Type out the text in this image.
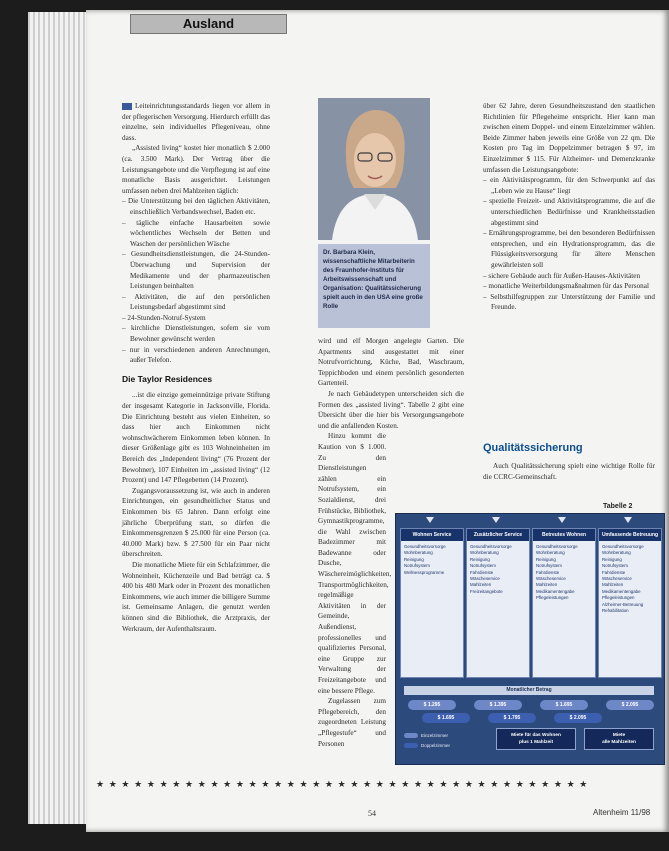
Ausland

Leiteinrichtungsstandards liegen vor allem in der pflegerischen Versorgung. Hierdurch erfüllt das einzelne, sein individuelles Pflegeniveau, ohne dass.

„Assisted living“ kostet hier monatlich $ 2.000 (ca. 3.500 Mark). Der Vertrag über die Leistungsangebote und die Verpflegung ist auf eine monatliche Basis ausgerichtet. Leistungen umfassen neben drei Mahlzeiten täglich:

– Die Unterstützung bei den täglichen Aktivitäten, einschließlich Verbandswechsel, Baden etc.

– tägliche einfache Hausarbeiten sowie wöchentliches Wechseln der Betten und Waschen der persönlichen Wäsche

– Gesundheitsdienstleistungen, die 24-Stunden-Überwachung und Supervision der Medikamente und der pharmazeutischen Leistungen beinhalten

– Aktivitäten, die auf den persönlichen Leistungsbedarf abgestimmt sind

– 24-Stunden-Notruf-System

– kirchliche Dienstleistungen, sofern sie vom Bewohner gewünscht werden

– nur in verschiedenen anderen Anrechnungen, außer Telefon.

Die Taylor Residences

...ist die einzige gemeinnützige private Stiftung der insgesamt Kategorie in Jacksonville, Florida. Die Einrichtung besteht aus vielen Einheiten, so dass hier auch Einkommen nicht wohnschwächerem Einkommen leben können. In dieser Größenlage gibt es 103 Wohneinheiten im Bereich des „Independent living“ (76 Prozent der Bewohner), 107 Einheiten im „assisted living“ (12 Prozent) und 147 Pflegebetten (14 Prozent).

Zugangsvoraussetzung ist, wie auch in anderen Einrichtungen, ein gesundheitlicher Status und Einkommen bis 65 Jahren. Dann erfolgt eine jährliche Überprüfung statt, so dürfen die Einkommensgrenzen $ 25.000 für eine Person (ca. 40.000 Mark) bzw. $ 27.500 für ein Paar nicht überschreiten.

Die monatliche Miete für ein Schlafzimmer, die Wohneinheit, Küchenzeile und Bad beträgt ca. $ 400 bis 480 Mark oder in Prozent des monatlichen Einkommens, wie auch immer die billigere Summe ist. Gemeinsame Anlagen, die genutzt werden können sind die Bibliothek, die Arztpraxis, der Werkraum, der Aufenthaltsraum.

Dr. Barbara Klein, wissenschaftliche Mitarbeiterin des Fraunhofer-Instituts für Arbeitswissenschaft und Organisation: Qualitätssicherung spielt auch in den USA eine große Rolle

wird und elf Morgen angelegte Garten. Die Apartments sind ausgestattet mit einer Notrufvorrichtung, Küche, Bad, Waschraum, Teppichboden und einem persönlich gesonderten Gartenteil.

Je nach Gebäudetypen unterscheiden sich die Formen des „assisted living“. Tabelle 2 gibt eine Übersicht über die hier bis Versorgungsangebote und die anfallenden Kosten.

Hinzu kommt die Kaution von $ 1.000. Zu den Dienstleistungen zählen ein Notrufsystem, ein Sozialdienst, drei Frühstücke, Bibliothek, Gymnastikprogramme, die Wahl zwischen Badezimmer mit Badewanne oder Dusche, Wäschereimöglichkeiten, Transportmöglichkeiten, regelmäßige Aktivitäten in der Gemeinde, Außendienst, professionelles und qualifiziertes Personal, eine Gruppe zur Verwaltung der Freizeitangebote und eine bessere Pflege.

Zugelassen zum Pflegebereich, den zugeordneten Leistung „Pflegestufe“ und Personen

über 62 Jahre, deren Gesundheitszustand den staatlichen Richtlinien für Pflegeheime entspricht. Hier kann man zwischen einem Doppel- und einem Einzelzimmer wählen. Beide Zimmer haben jeweils eine Größe von 22 qm. Die Kosten pro Tag im Doppelzimmer betragen $ 97, im Einzelzimmer $ 115. Für Alzheimer- und Demenzkranke umfassen die Leistungsangebote:

– ein Aktivitätsprogramm, für den Schwerpunkt auf das „Leben wie zu Hause“ liegt

– spezielle Freizeit- und Aktivitätsprogramme, die auf die unterschiedlichen Bedürfnisse und Krankheitsstadien abgestimmt sind

– Ernährungsprogramme, bei den besonderen Bedürfnissen entsprechen, und ein Hydrationsprogramm, das die Flüssigkeitsversorgung für ältere Menschen gewährleisten soll

– sichere Gebäude auch für Außen-Hauses-Aktivitäten

– monatliche Weiterbildungsmaßnahmen für das Personal

– Selbsthilfegruppen zur Unterstützung der Familie und Freunde.

Qualitätssicherung

Auch Qualitätssicherung spielt eine wichtige Rolle für die CCRC-Gemeinschaft.

Tabelle 2
Wohnen Service
Gesundheitsvorsorge
Wohnberatung
Reinigung
Notrufsystem
Wellnessprogramme
Zusätzlicher Service
Gesundheitsvorsorge
Wohnberatung
Reinigung
Notrufsystem
Fahrdienste
Wäscheservice
Mahlzeiten
Freizeitangebote
Betreutes Wohnen
Gesundheitsvorsorge
Wohnberatung
Reinigung
Notrufsystem
Fahrdienste
Wäscheservice
Mahlzeiten
Medikamentengabe
Pflegeleistungen
Umfassende Betreuung
Gesundheitsvorsorge
Wohnberatung
Reinigung
Notrufsystem
Fahrdienste
Wäscheservice
Mahlzeiten
Medikamentengabe
Pflegeleistungen
Alzheimer-Betreuung
Rehabilitation
Monatlicher Betrag
$ 1.295	$ 1.395	$ 1.695	$ 2.095
$ 1.695	$ 1.795	$ 2.095
Einzelzimmer
Doppelzimmer
Miete für das Wohnen
plus 1 Mahlzeit
Miete
alle Mahlzeiten
★ ★ ★ ★ ★ ★ ★ ★ ★ ★ ★ ★ ★ ★ ★ ★ ★ ★ ★ ★ ★ ★ ★ ★ ★ ★ ★ ★ ★ ★ ★ ★ ★ ★ ★ ★ ★ ★ ★
54	Altenheim 11/98
